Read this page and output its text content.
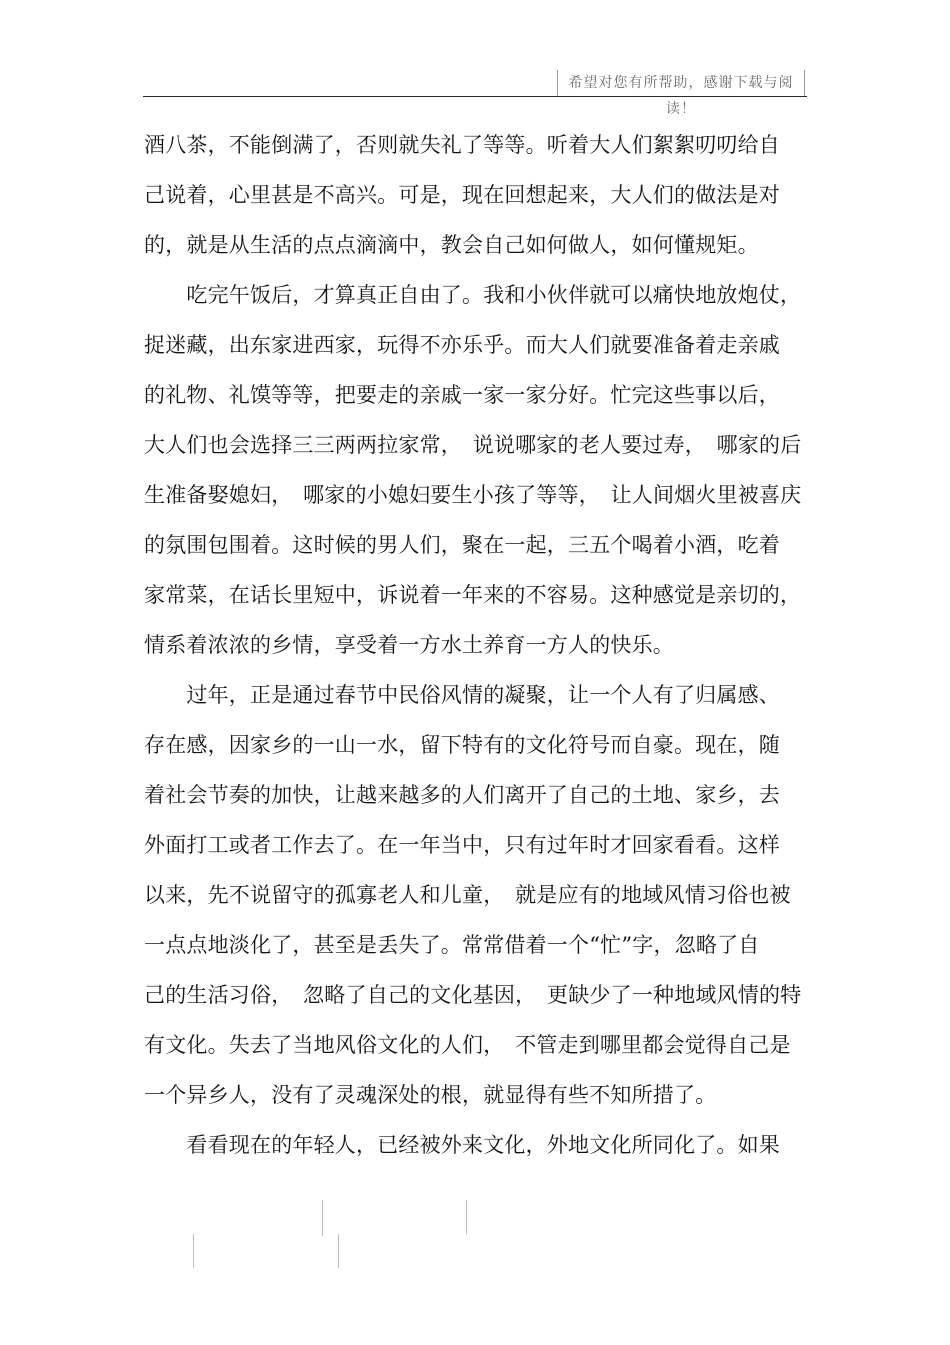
希望对您有所帮助，感谢下载与阅读！
酒八茶，不能倒满了，否则就失礼了等等。听着大人们絮絮叨叨给自
己说着，心里甚是不高兴。可是，现在回想起来，大人们的做法是对
的，就是从生活的点点滴滴中，教会自己如何做人，如何懂规矩。
　　吃完午饭后，才算真正自由了。我和小伙伴就可以痛快地放炮仗，
捉迷藏，出东家进西家，玩得不亦乐乎。而大人们就要准备着走亲戚
的礼物、礼馍等等，把要走的亲戚一家一家分好。忙完这些事以后，
大人们也会选择三三两两拉家常，　说说哪家的老人要过寿，　哪家的后
生准备娶媳妇，　哪家的小媳妇要生小孩了等等，　让人间烟火里被喜庆
的氛围包围着。这时候的男人们，聚在一起，三五个喝着小酒，吃着
家常菜，在话长里短中，诉说着一年来的不容易。这种感觉是亲切的，
情系着浓浓的乡情，享受着一方水土养育一方人的快乐。
　　过年，正是通过春节中民俗风情的凝聚，让一个人有了归属感、
存在感，因家乡的一山一水，留下特有的文化符号而自豪。现在，随
着社会节奏的加快，让越来越多的人们离开了自己的土地、家乡，去
外面打工或者工作去了。在一年当中，只有过年时才回家看看。这样
以来，先不说留守的孤寡老人和儿童，　就是应有的地域风情习俗也被
一点点地淡化了，甚至是丢失了。常常借着一个“忙”字，忽略了自
己的生活习俗，　忽略了自己的文化基因，　更缺少了一种地域风情的特
有文化。失去了当地风俗文化的人们，　不管走到哪里都会觉得自己是
一个异乡人，没有了灵魂深处的根，就显得有些不知所措了。
　　看看现在的年轻人，已经被外来文化，外地文化所同化了。如果
